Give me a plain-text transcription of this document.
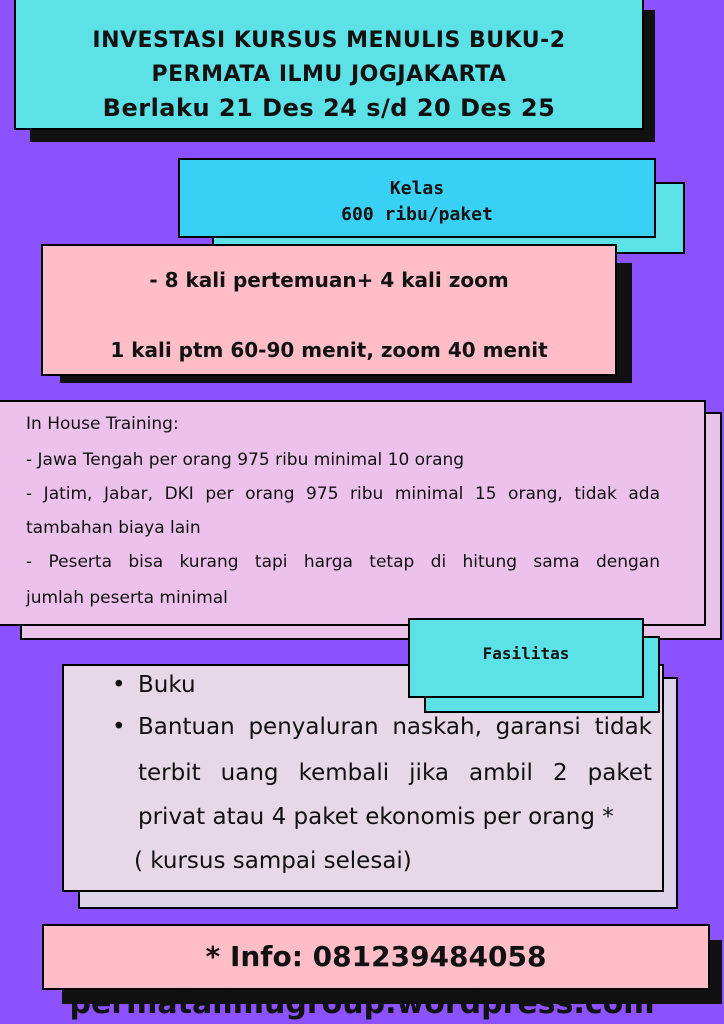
INVESTASI KURSUS MENULIS BUKU-2
PERMATA ILMU JOGJAKARTA
Berlaku 21 Des 24 s/d 20 Des 25
Kelas
600 ribu/paket
- 8 kali pertemuan+ 4 kali zoom
1 kali ptm 60-90 menit, zoom 40 menit
In House Training:
- Jawa Tengah per orang 975 ribu minimal 10 orang
- Jatim, Jabar, DKI per orang 975 ribu minimal 15 orang, tidak ada
tambahan biaya lain
- Peserta bisa kurang tapi harga tetap di hitung sama dengan
jumlah peserta minimal
• Buku
• Bantuan penyaluran naskah, garansi tidak
terbit uang kembali jika ambil 2 paket
privat atau 4 paket ekonomis per orang *
( kursus sampai selesai)
Fasilitas
* Info: 081239484058
permatailmugroup.wordpress.com
